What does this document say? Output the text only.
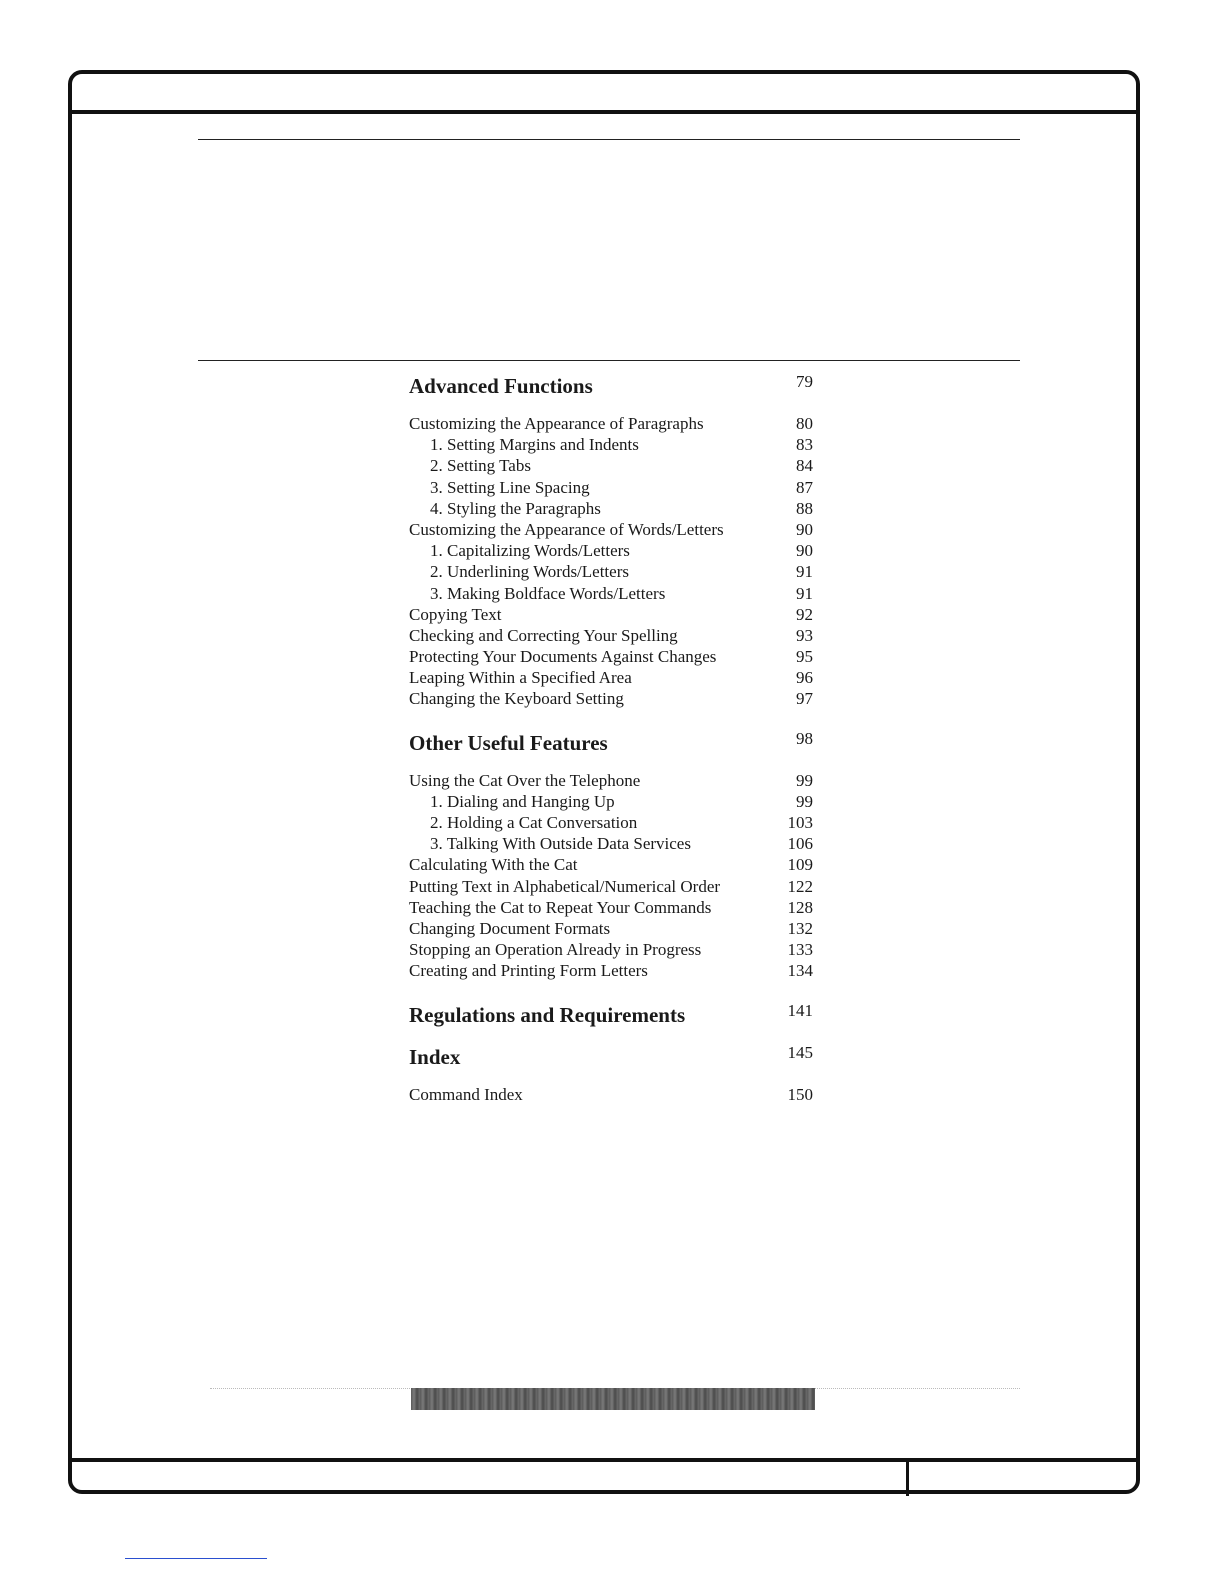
Advanced Functions	79
Customizing the Appearance of Paragraphs	80
1. Setting Margins and Indents	83
2. Setting Tabs	84
3. Setting Line Spacing	87
4. Styling the Paragraphs	88
Customizing the Appearance of Words/Letters	90
1. Capitalizing Words/Letters	90
2. Underlining Words/Letters	91
3. Making Boldface Words/Letters	91
Copying Text	92
Checking and Correcting Your Spelling	93
Protecting Your Documents Against Changes	95
Leaping Within a Specified Area	96
Changing the Keyboard Setting	97
Other Useful Features	98
Using the Cat Over the Telephone	99
1. Dialing and Hanging Up	99
2. Holding a Cat Conversation	103
3. Talking With Outside Data Services	106
Calculating With the Cat	109
Putting Text in Alphabetical/Numerical Order	122
Teaching the Cat to Repeat Your Commands	128
Changing Document Formats	132
Stopping an Operation Already in Progress	133
Creating and Printing Form Letters	134
Regulations and Requirements	141
Index	145
Command Index	150
